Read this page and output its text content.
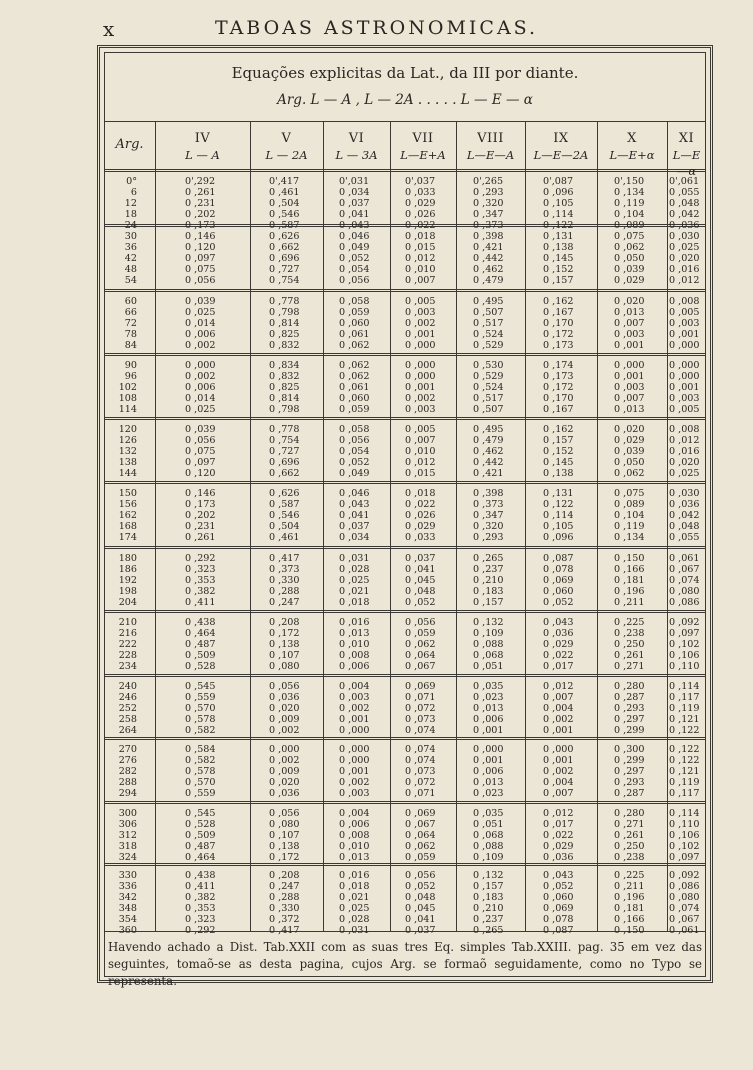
x	TABOAS ASTRONOMICAS.
Equações explicitas da Lat., da III por diante.
Arg. L — A , L — 2A . . . . . L — E — α
Arg.	IV
L — A
V
L — 2A
VI
L — 3A
VII
L—E+A
VIII
L—E—A
IX
L—E—2A
X
L—E+α
XI
L—E—α
0°
6
12
18
24
0',292
0 ,261
0 ,231
0 ,202
0 ,173
0',417
0 ,461
0 ,504
0 ,546
0 ,587
0',031
0 ,034
0 ,037
0 ,041
0 ,043
0',037
0 ,033
0 ,029
0 ,026
0 ,022
0',265
0 ,293
0 ,320
0 ,347
0 ,373
0',087
0 ,096
0 ,105
0 ,114
0 ,122
0',150
0 ,134
0 ,119
0 ,104
0 ,089
0',061
0 ,055
0 ,048
0 ,042
0 ,036
30
36
42
48
54
0 ,146
0 ,120
0 ,097
0 ,075
0 ,056
0 ,626
0 ,662
0 ,696
0 ,727
0 ,754
0 ,046
0 ,049
0 ,052
0 ,054
0 ,056
0 ,018
0 ,015
0 ,012
0 ,010
0 ,007
0 ,398
0 ,421
0 ,442
0 ,462
0 ,479
0 ,131
0 ,138
0 ,145
0 ,152
0 ,157
0 ,075
0 ,062
0 ,050
0 ,039
0 ,029
0 ,030
0 ,025
0 ,020
0 ,016
0 ,012
60
66
72
78
84
0 ,039
0 ,025
0 ,014
0 ,006
0 ,002
0 ,778
0 ,798
0 ,814
0 ,825
0 ,832
0 ,058
0 ,059
0 ,060
0 ,061
0 ,062
0 ,005
0 ,003
0 ,002
0 ,001
0 ,000
0 ,495
0 ,507
0 ,517
0 ,524
0 ,529
0 ,162
0 ,167
0 ,170
0 ,172
0 ,173
0 ,020
0 ,013
0 ,007
0 ,003
0 ,001
0 ,008
0 ,005
0 ,003
0 ,001
0 ,000
90
96
102
108
114
0 ,000
0 ,002
0 ,006
0 ,014
0 ,025
0 ,834
0 ,832
0 ,825
0 ,814
0 ,798
0 ,062
0 ,062
0 ,061
0 ,060
0 ,059
0 ,000
0 ,000
0 ,001
0 ,002
0 ,003
0 ,530
0 ,529
0 ,524
0 ,517
0 ,507
0 ,174
0 ,173
0 ,172
0 ,170
0 ,167
0 ,000
0 ,001
0 ,003
0 ,007
0 ,013
0 ,000
0 ,000
0 ,001
0 ,003
0 ,005
120
126
132
138
144
0 ,039
0 ,056
0 ,075
0 ,097
0 ,120
0 ,778
0 ,754
0 ,727
0 ,696
0 ,662
0 ,058
0 ,056
0 ,054
0 ,052
0 ,049
0 ,005
0 ,007
0 ,010
0 ,012
0 ,015
0 ,495
0 ,479
0 ,462
0 ,442
0 ,421
0 ,162
0 ,157
0 ,152
0 ,145
0 ,138
0 ,020
0 ,029
0 ,039
0 ,050
0 ,062
0 ,008
0 ,012
0 ,016
0 ,020
0 ,025
150
156
162
168
174
0 ,146
0 ,173
0 ,202
0 ,231
0 ,261
0 ,626
0 ,587
0 ,546
0 ,504
0 ,461
0 ,046
0 ,043
0 ,041
0 ,037
0 ,034
0 ,018
0 ,022
0 ,026
0 ,029
0 ,033
0 ,398
0 ,373
0 ,347
0 ,320
0 ,293
0 ,131
0 ,122
0 ,114
0 ,105
0 ,096
0 ,075
0 ,089
0 ,104
0 ,119
0 ,134
0 ,030
0 ,036
0 ,042
0 ,048
0 ,055
180
186
192
198
204
0 ,292
0 ,323
0 ,353
0 ,382
0 ,411
0 ,417
0 ,373
0 ,330
0 ,288
0 ,247
0 ,031
0 ,028
0 ,025
0 ,021
0 ,018
0 ,037
0 ,041
0 ,045
0 ,048
0 ,052
0 ,265
0 ,237
0 ,210
0 ,183
0 ,157
0 ,087
0 ,078
0 ,069
0 ,060
0 ,052
0 ,150
0 ,166
0 ,181
0 ,196
0 ,211
0 ,061
0 ,067
0 ,074
0 ,080
0 ,086
210
216
222
228
234
0 ,438
0 ,464
0 ,487
0 ,509
0 ,528
0 ,208
0 ,172
0 ,138
0 ,107
0 ,080
0 ,016
0 ,013
0 ,010
0 ,008
0 ,006
0 ,056
0 ,059
0 ,062
0 ,064
0 ,067
0 ,132
0 ,109
0 ,088
0 ,068
0 ,051
0 ,043
0 ,036
0 ,029
0 ,022
0 ,017
0 ,225
0 ,238
0 ,250
0 ,261
0 ,271
0 ,092
0 ,097
0 ,102
0 ,106
0 ,110
240
246
252
258
264
0 ,545
0 ,559
0 ,570
0 ,578
0 ,582
0 ,056
0 ,036
0 ,020
0 ,009
0 ,002
0 ,004
0 ,003
0 ,002
0 ,001
0 ,000
0 ,069
0 ,071
0 ,072
0 ,073
0 ,074
0 ,035
0 ,023
0 ,013
0 ,006
0 ,001
0 ,012
0 ,007
0 ,004
0 ,002
0 ,001
0 ,280
0 ,287
0 ,293
0 ,297
0 ,299
0 ,114
0 ,117
0 ,119
0 ,121
0 ,122
270
276
282
288
294
0 ,584
0 ,582
0 ,578
0 ,570
0 ,559
0 ,000
0 ,002
0 ,009
0 ,020
0 ,036
0 ,000
0 ,000
0 ,001
0 ,002
0 ,003
0 ,074
0 ,074
0 ,073
0 ,072
0 ,071
0 ,000
0 ,001
0 ,006
0 ,013
0 ,023
0 ,000
0 ,001
0 ,002
0 ,004
0 ,007
0 ,300
0 ,299
0 ,297
0 ,293
0 ,287
0 ,122
0 ,122
0 ,121
0 ,119
0 ,117
300
306
312
318
324
0 ,545
0 ,528
0 ,509
0 ,487
0 ,464
0 ,056
0 ,080
0 ,107
0 ,138
0 ,172
0 ,004
0 ,006
0 ,008
0 ,010
0 ,013
0 ,069
0 ,067
0 ,064
0 ,062
0 ,059
0 ,035
0 ,051
0 ,068
0 ,088
0 ,109
0 ,012
0 ,017
0 ,022
0 ,029
0 ,036
0 ,280
0 ,271
0 ,261
0 ,250
0 ,238
0 ,114
0 ,110
0 ,106
0 ,102
0 ,097
330
336
342
348
354
360
0 ,438
0 ,411
0 ,382
0 ,353
0 ,323
0 ,292
0 ,208
0 ,247
0 ,288
0 ,330
0 ,372
0 ,417
0 ,016
0 ,018
0 ,021
0 ,025
0 ,028
0 ,031
0 ,056
0 ,052
0 ,048
0 ,045
0 ,041
0 ,037
0 ,132
0 ,157
0 ,183
0 ,210
0 ,237
0 ,265
0 ,043
0 ,052
0 ,060
0 ,069
0 ,078
0 ,087
0 ,225
0 ,211
0 ,196
0 ,181
0 ,166
0 ,150
0 ,092
0 ,086
0 ,080
0 ,074
0 ,067
0 ,061
Havendo achado a Dist. Tab.XXII com as suas tres Eq. simples Tab.XXIII. pag. 35 em vez das seguintes, tomaõ-se as desta pagina, cujos Arg. se formaõ seguidamente, como no Typo se representa.
